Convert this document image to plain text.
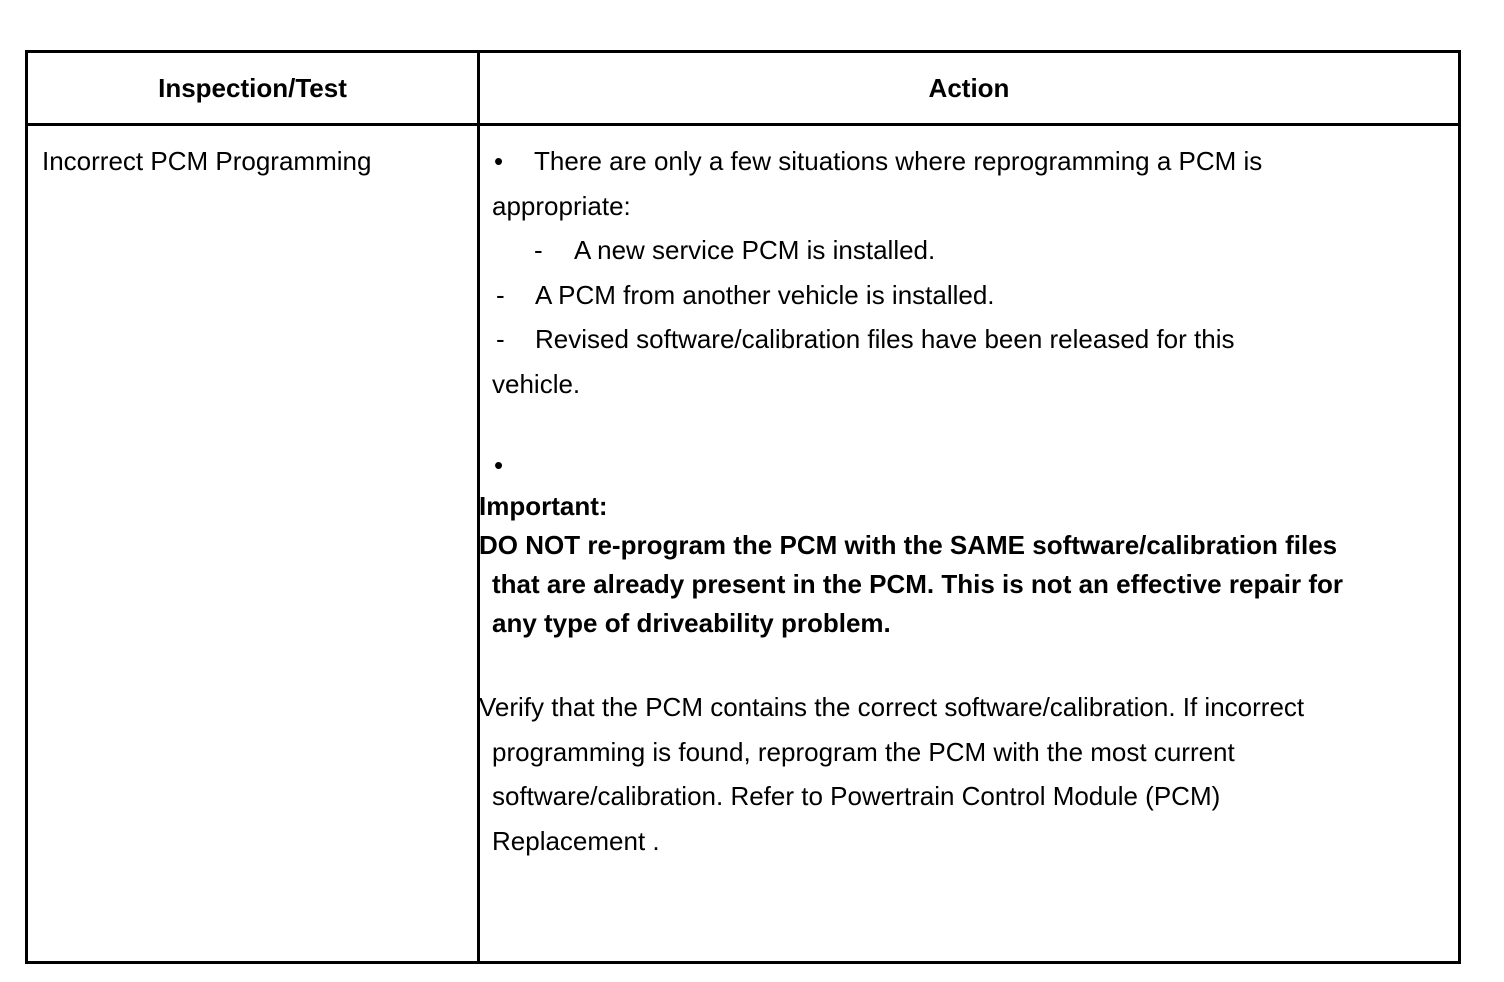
Inspection/Test	Action
Incorrect PCM Programming	• There are only a few situations where reprogramming a PCM is
appropriate:
- A new service PCM is installed.
- A PCM from another vehicle is installed.
- Revised software/calibration files have been released for this
vehicle.
•
Important:
DO NOT re-program the PCM with the SAME software/calibration files
that are already present in the PCM. This is not an effective repair for
any type of driveability problem.
Verify that the PCM contains the correct software/calibration. If incorrect
programming is found, reprogram the PCM with the most current
software/calibration. Refer to Powertrain Control Module (PCM)
Replacement .
